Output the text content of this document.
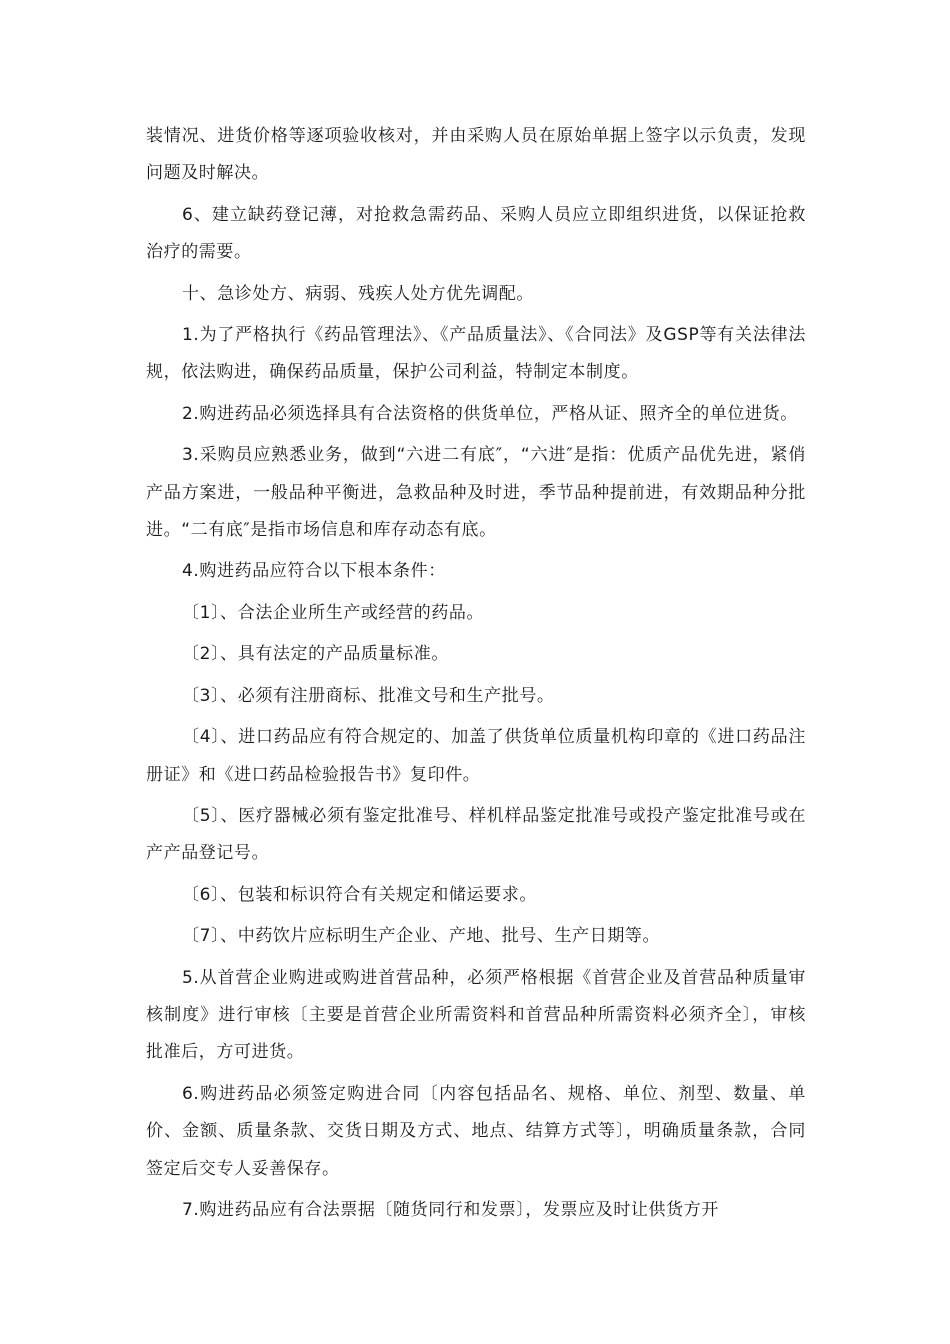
装情况、进货价格等逐项验收核对，并由采购人员在原始单据上签字以示负责，发现问题及时解决。

6、建立缺药登记薄，对抢救急需药品、采购人员应立即组织进货，以保证抢救治疗的需要。

十、急诊处方、病弱、残疾人处方优先调配。

1.为了严格执行《药品管理法》、《产品质量法》、《合同法》及GSP等有关法律法规，依法购进，确保药品质量，保护公司利益，特制定本制度。

2.购进药品必须选择具有合法资格的供货单位，严格从证、照齐全的单位进货。

3.采购员应熟悉业务，做到“六进二有底″，“六进″是指：优质产品优先进，紧俏产品方案进，一般品种平衡进，急救品种及时进，季节品种提前进，有效期品种分批进。“二有底″是指市场信息和库存动态有底。

4.购进药品应符合以下根本条件：

〔1〕、合法企业所生产或经营的药品。

〔2〕、具有法定的产品质量标准。

〔3〕、必须有注册商标、批准文号和生产批号。

〔4〕、进口药品应有符合规定的、加盖了供货单位质量机构印章的《进口药品注册证》和《进口药品检验报告书》复印件。

〔5〕、医疗器械必须有鉴定批准号、样机样品鉴定批准号或投产鉴定批准号或在产产品登记号。

〔6〕、包装和标识符合有关规定和储运要求。

〔7〕、中药饮片应标明生产企业、产地、批号、生产日期等。

5.从首营企业购进或购进首营品种，必须严格根据《首营企业及首营品种质量审核制度》进行审核〔主要是首营企业所需资料和首营品种所需资料必须齐全〕，审核批准后，方可进货。

6.购进药品必须签定购进合同〔内容包括品名、规格、单位、剂型、数量、单价、金额、质量条款、交货日期及方式、地点、结算方式等〕，明确质量条款，合同签定后交专人妥善保存。

7.购进药品应有合法票据〔随货同行和发票〕，发票应及时让供货方开
